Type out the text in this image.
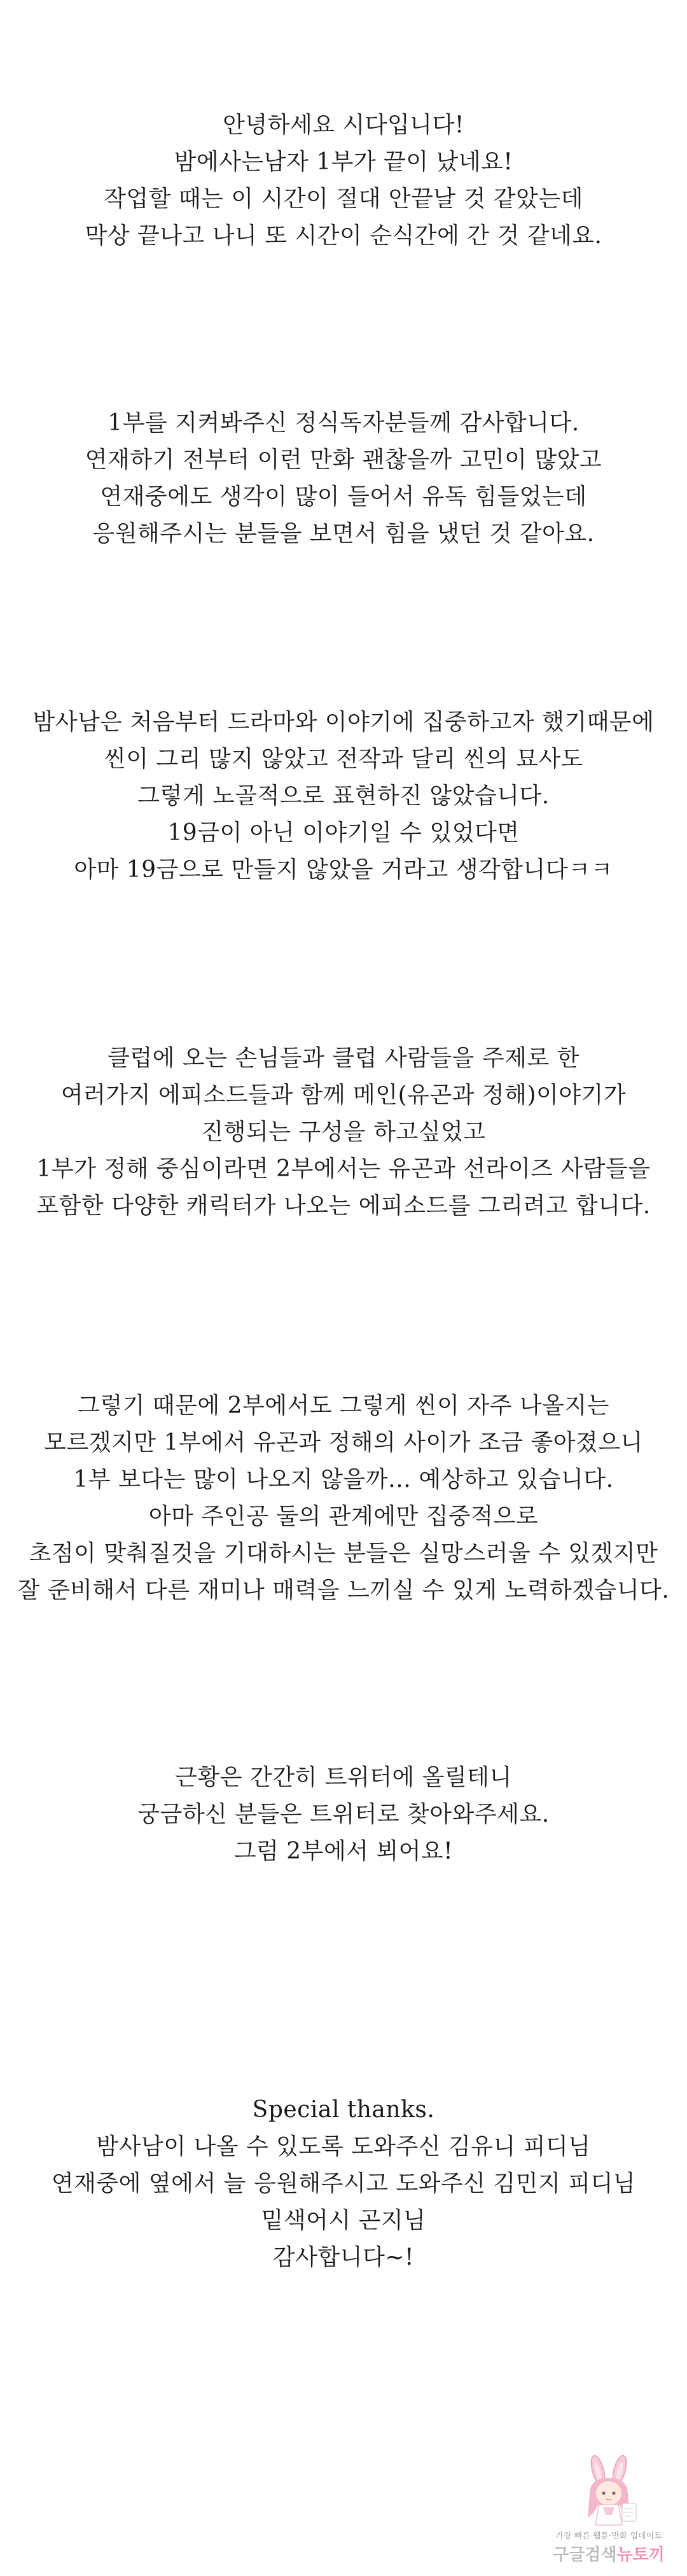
안녕하세요 시다입니다!
밤에사는남자 1부가 끝이 났네요!
작업할 때는 이 시간이 절대 안끝날 것 같았는데
막상 끝나고 나니 또 시간이 순식간에 간 것 같네요.
1부를 지켜봐주신 정식독자분들께 감사합니다.
연재하기 전부터 이런 만화 괜찮을까 고민이 많았고
연재중에도 생각이 많이 들어서 유독 힘들었는데
응원해주시는 분들을 보면서 힘을 냈던 것 같아요.
밤사남은 처음부터 드라마와 이야기에 집중하고자 했기때문에
씬이 그리 많지 않았고 전작과 달리 씬의 묘사도
그렇게 노골적으로 표현하진 않았습니다.
19금이 아닌 이야기일 수 있었다면
아마 19금으로 만들지 않았을 거라고 생각합니다ㅋㅋ
클럽에 오는 손님들과 클럽 사람들을 주제로 한
여러가지 에피소드들과 함께 메인(유곤과 정해)이야기가
진행되는 구성을 하고싶었고
1부가 정해 중심이라면 2부에서는 유곤과 선라이즈 사람들을
포함한 다양한 캐릭터가 나오는 에피소드를 그리려고 합니다.
그렇기 때문에 2부에서도 그렇게 씬이 자주 나올지는
모르겠지만 1부에서 유곤과 정해의 사이가 조금 좋아졌으니
1부 보다는 많이 나오지 않을까… 예상하고 있습니다.
아마 주인공 둘의 관계에만 집중적으로
초점이 맞춰질것을 기대하시는 분들은 실망스러울 수 있겠지만
잘 준비해서 다른 재미나 매력을 느끼실 수 있게 노력하겠습니다.
근황은 간간히 트위터에 올릴테니
궁금하신 분들은 트위터로 찾아와주세요.
그럼 2부에서 뵈어요!
Special thanks.
밤사남이 나올 수 있도록 도와주신 김유니 피디님
연재중에 옆에서 늘 응원해주시고 도와주신 김민지 피디님
밑색어시 곤지님
감사합니다~!
가장 빠른 웹툰·만화 업데이트
구글검색뉴토끼
